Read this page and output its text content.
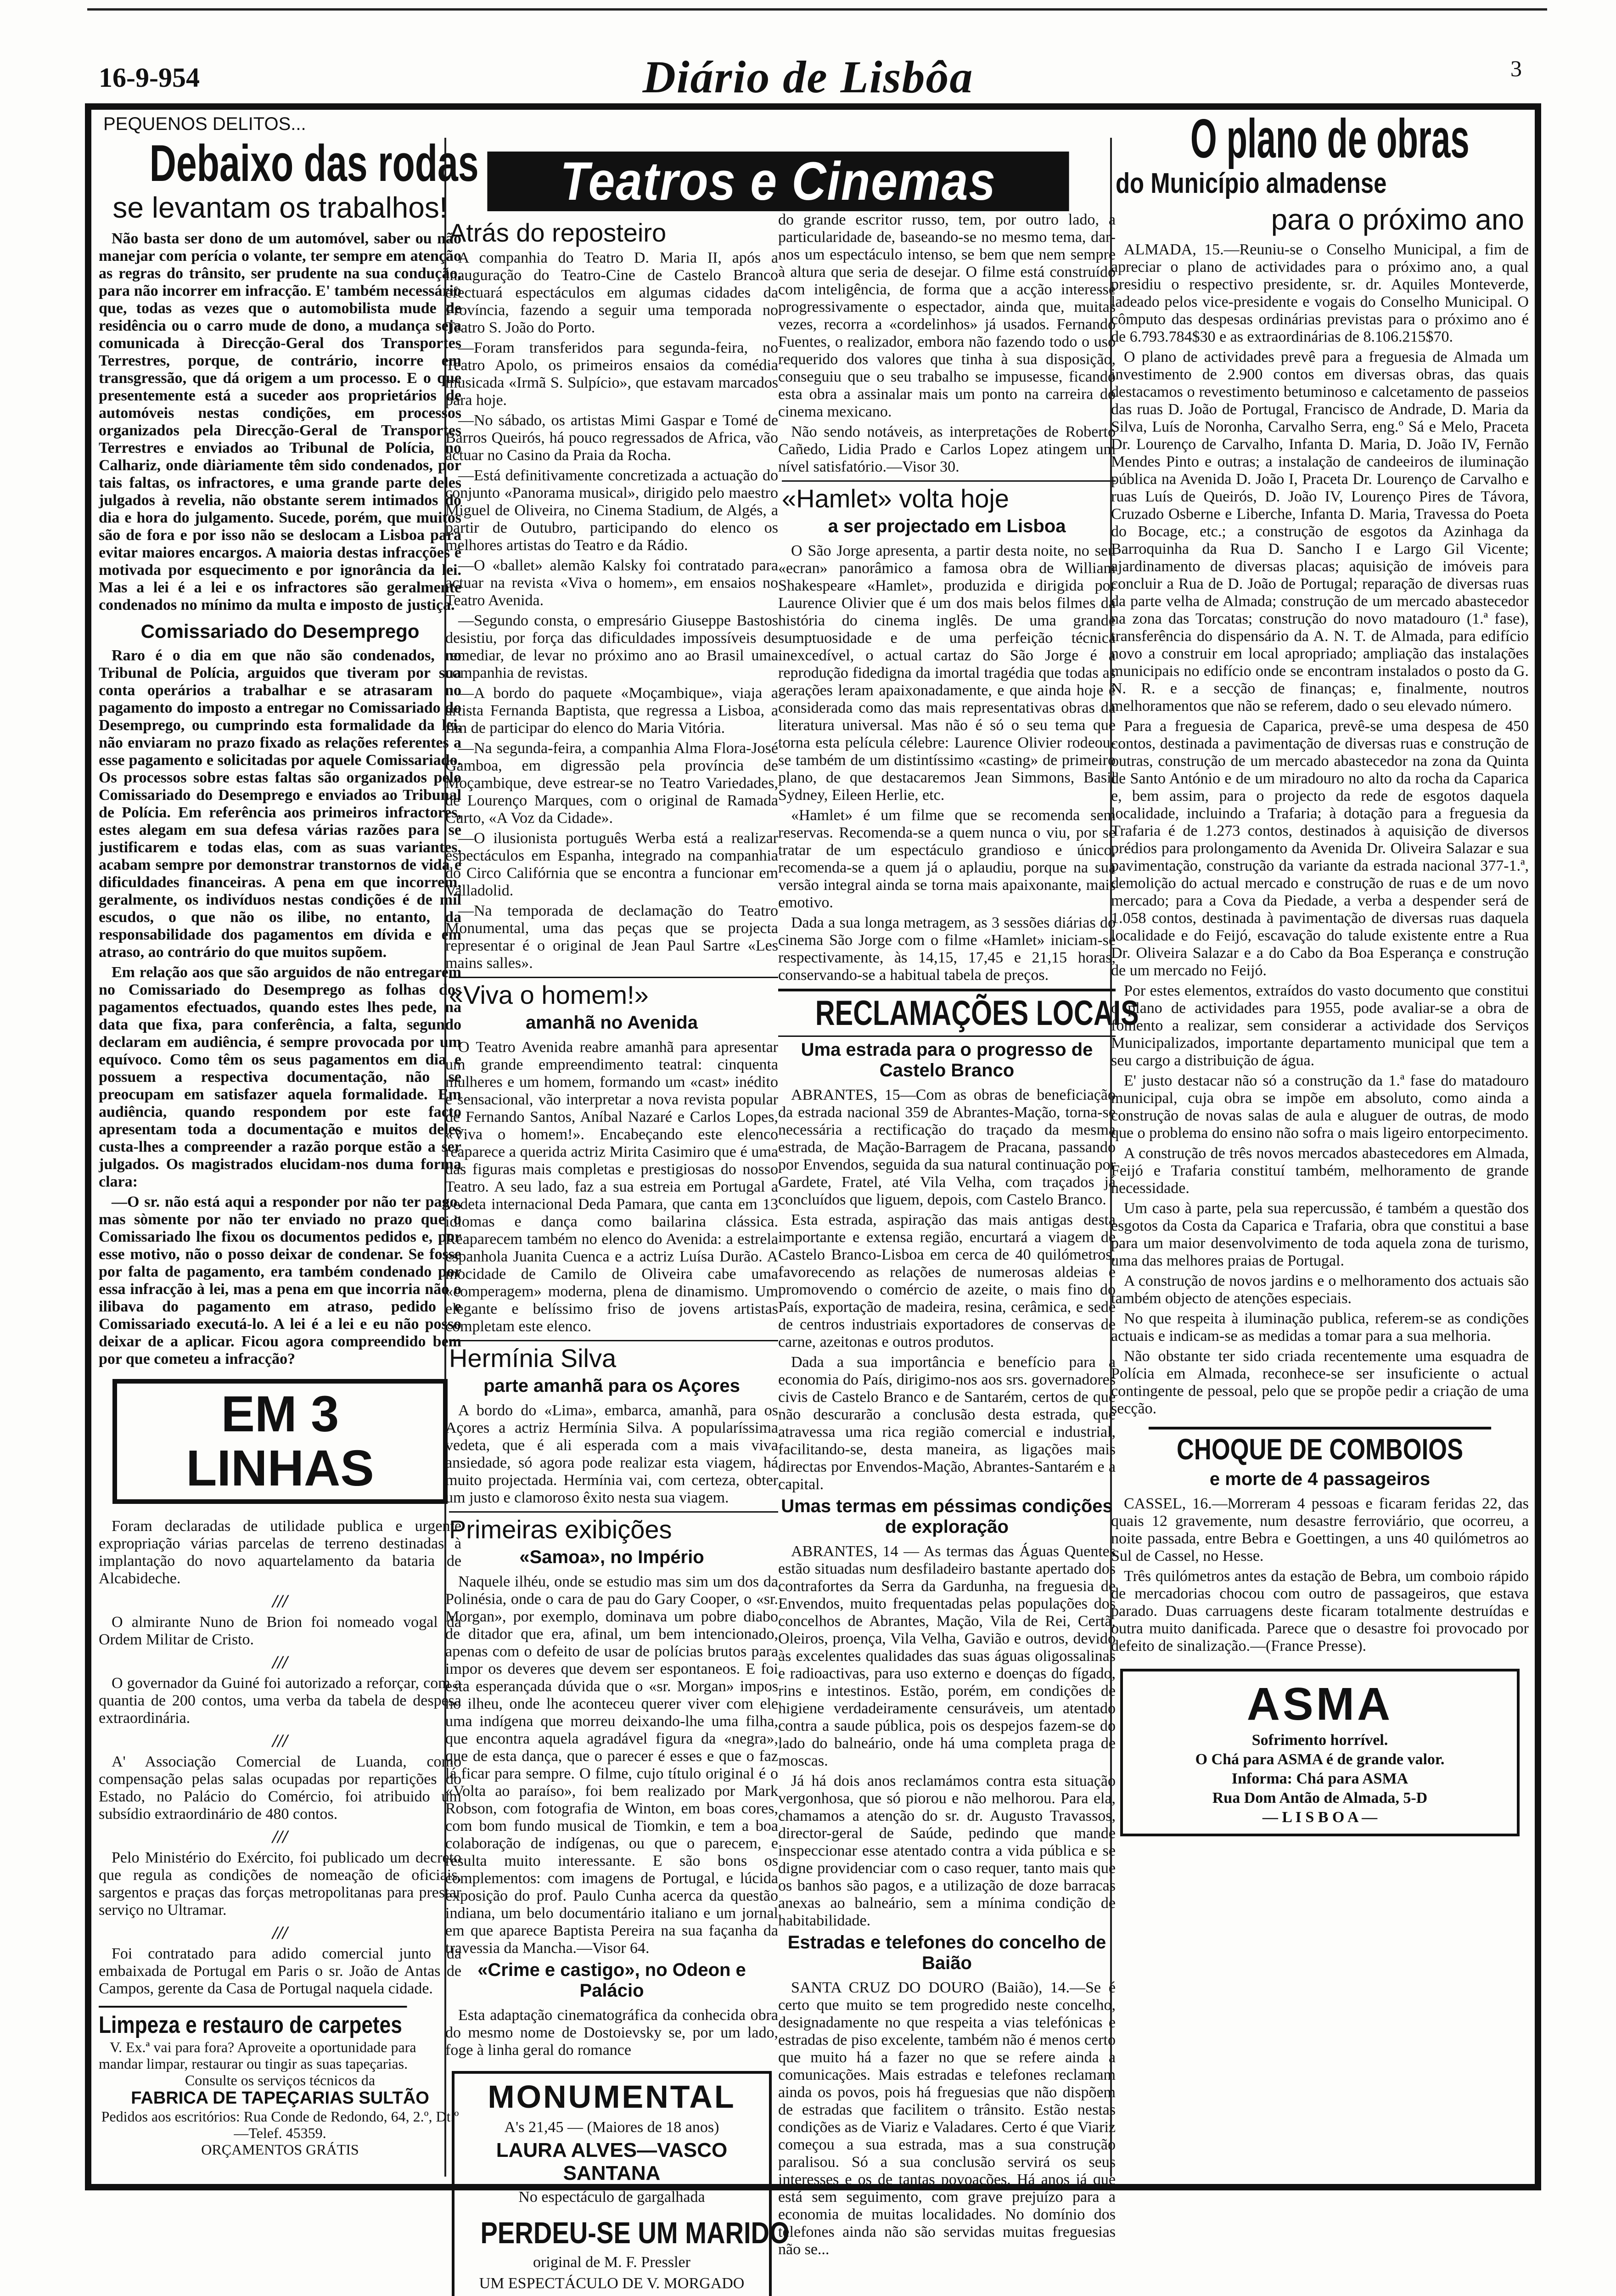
16-9-954	Diário de Lisbôa	3
PEQUENOS DELITOS...
Debaixo das rodas
se levantam os trabalhos!

Não basta ser dono de um automóvel, saber ou não manejar com perícia o volante, ter sempre em atenção as regras do trânsito, ser prudente na sua condução, para não incorrer em infracção. E' também necessário que, todas as vezes que o automobilista mude de residência ou o carro mude de dono, a mudança seja comunicada à Direcção-Geral dos Transportes Terrestres, porque, de contrário, incorre em transgressão, que dá origem a um processo. E o que presentemente está a suceder aos proprietários de automóveis nestas condições, em processos organizados pela Direcção-Geral de Transportes Terrestres e enviados ao Tribunal de Polícia, no Calhariz, onde diàriamente têm sido condenados, por tais faltas, os infractores, e uma grande parte deles julgados à revelia, não obstante serem intimados do dia e hora do julgamento. Sucede, porém, que muitos são de fora e por isso não se deslocam a Lisboa para evitar maiores encargos. A maioria destas infracções é motivada por esquecimento e por ignorância da lei. Mas a lei é a lei e os infractores são geralmente condenados no mínimo da multa e imposto de justiça.

Comissariado do Desemprego

Raro é o dia em que não são condenados, no Tribunal de Polícia, arguidos que tiveram por sua conta operários a trabalhar e se atrasaram no pagamento do imposto a entregar no Comissariado do Desemprego, ou cumprindo esta formalidade da lei, não enviaram no prazo fixado as relações referentes a esse pagamento e solicitadas por aquele Comissariado. Os processos sobre estas faltas são organizados pelo Comissariado do Desemprego e enviados ao Tribunal de Polícia. Em referência aos primeiros infractores, estes alegam em sua defesa várias razões para se justificarem e todas elas, com as suas variantes, acabam sempre por demonstrar transtornos de vida e dificuldades financeiras. A pena em que incorrem, geralmente, os indivíduos nestas condições é de mil escudos, o que não os ilibe, no entanto, da responsabilidade dos pagamentos em dívida e em atraso, ao contrário do que muitos supõem.

Em relação aos que são arguidos de não entregarem no Comissariado do Desemprego as folhas dos pagamentos efectuados, quando estes lhes pede, na data que fixa, para conferência, a falta, segundo declaram em audiência, é sempre provocada por um equívoco. Como têm os seus pagamentos em dia e possuem a respectiva documentação, não se preocupam em satisfazer aquela formalidade. Em audiência, quando respondem por este facto apresentam toda a documentação e muitos deles custa-lhes a compreender a razão porque estão a ser julgados. Os magistrados elucidam-nos duma forma clara:

—O sr. não está aqui a responder por não ter pago, mas sòmente por não ter enviado no prazo que o Comissariado lhe fixou os documentos pedidos e, por esse motivo, não o posso deixar de condenar. Se fosse por falta de pagamento, era também condenado por essa infracção à lei, mas a pena em que incorria não o ilibava do pagamento em atraso, pedido e Comissariado executá-lo. A lei é a lei e eu não posso deixar de a aplicar. Ficou agora compreendido bem por que cometeu a infracção?

EM 3 LINHAS

Foram declaradas de utilidade publica e urgente expropriação várias parcelas de terreno destinadas à implantação do novo aquartelamento da bataria de Alcabideche.

///

O almirante Nuno de Brion foi nomeado vogal da Ordem Militar de Cristo.

///

O governador da Guiné foi autorizado a reforçar, com a quantia de 200 contos, uma verba da tabela de despesa extraordinária.

///

A' Associação Comercial de Luanda, como compensação pelas salas ocupadas por repartições do Estado, no Palácio do Comércio, foi atribuido um subsídio extraordinário de 480 contos.

///

Pelo Ministério do Exército, foi publicado um decreto que regula as condições de nomeação de oficiais, sargentos e praças das forças metropolitanas para prestar serviço no Ultramar.

///

Foi contratado para adido comercial junto da embaixada de Portugal em Paris o sr. João de Antas de Campos, gerente da Casa de Portugal naquela cidade.

Limpeza e restauro de carpetes
V. Ex.ª vai para fora? Aproveite a oportunidade para mandar limpar, restaurar ou tingir as suas tapeçarias.
Consulte os serviços técnicos da
FABRICA DE TAPEÇARIAS SULTÃO
Pedidos aos escritórios: Rua Conde de Redondo, 64, 2.º, Dt.º—Telef. 45359.
ORÇAMENTOS GRÁTIS
Teatros e Cinemas
Atrás do reposteiro

A companhia do Teatro D. Maria II, após a inauguração do Teatro-Cine de Castelo Branco efectuará espectáculos em algumas cidades da Província, fazendo a seguir uma temporada no Teatro S. João do Porto.

—Foram transferidos para segunda-feira, no Teatro Apolo, os primeiros ensaios da comédia musicada «Irmã S. Sulpício», que estavam marcados para hoje.

—No sábado, os artistas Mimi Gaspar e Tomé de Barros Queirós, há pouco regressados de Africa, vão actuar no Casino da Praia da Rocha.

—Está definitivamente concretizada a actuação do conjunto «Panorama musical», dirigido pelo maestro Miguel de Oliveira, no Cinema Stadium, de Algés, a partir de Outubro, participando do elenco os melhores artistas do Teatro e da Rádio.

—O «ballet» alemão Kalsky foi contratado para actuar na revista «Viva o homem», em ensaios no Teatro Avenida.

—Segundo consta, o empresário Giuseppe Bastos desistiu, por força das dificuldades impossíveis de remediar, de levar no próximo ano ao Brasil uma companhia de revistas.

—A bordo do paquete «Moçambique», viaja a artista Fernanda Baptista, que regressa a Lisboa, a fim de participar do elenco do Maria Vitória.

—Na segunda-feira, a companhia Alma Flora-José Gamboa, em digressão pela província de Moçambique, deve estrear-se no Teatro Variedades, de Lourenço Marques, com o original de Ramada Curto, «A Voz da Cidade».

—O ilusionista português Werba está a realizar espectáculos em Espanha, integrado na companhia do Circo Califórnia que se encontra a funcionar em Valladolid.

—Na temporada de declamação do Teatro Monumental, uma das peças que se projecta representar é o original de Jean Paul Sartre «Les mains salles».

«Viva o homem!»
amanhã no Avenida

O Teatro Avenida reabre amanhã para apresentar um grande empreendimento teatral: cinquenta mulheres e um homem, formando um «cast» inédito e sensacional, vão interpretar a nova revista popular de Fernando Santos, Aníbal Nazaré e Carlos Lopes, «Viva o homem!». Encabeçando este elenco reaparece a querida actriz Mirita Casimiro que é uma das figuras mais completas e prestigiosas do nosso Teatro. A seu lado, faz a sua estreia em Portugal a vedeta internacional Deda Pamara, que canta em 13 idiomas e dança como bailarina clássica. Reaparecem também no elenco do Avenida: a estrela espanhola Juanita Cuenca e a actriz Luísa Durão. A mocidade de Camilo de Oliveira cabe uma «comperagem» moderna, plena de dinamismo. Um elegante e belíssimo friso de jovens artistas completam este elenco.

Hermínia Silva
parte amanhã para os Açores

A bordo do «Lima», embarca, amanhã, para os Açores a actriz Hermínia Silva. A popularíssima vedeta, que é ali esperada com a mais viva ansiedade, só agora pode realizar esta viagem, há muito projectada. Hermínia vai, com certeza, obter um justo e clamoroso êxito nesta sua viagem.

Primeiras exibições
«Samoa», no Império

Naquele ilhéu, onde se estudio mas sim um dos da Polinésia, onde o cara de pau do Gary Cooper, o «sr. Morgan», por exemplo, dominava um pobre diabo de ditador que era, afinal, um bem intencionado, apenas com o defeito de usar de polícias brutos para impor os deveres que devem ser espontaneos. E foi esta esperançada dúvida que o «sr. Morgan» impos no ilheu, onde lhe aconteceu querer viver com ele uma indígena que morreu deixando-lhe uma filha, que encontra aquela agradável figura da «negra», que de esta dança, que o parecer é esses e que o faz lá ficar para sempre. O filme, cujo título original é o «Volta ao paraíso», foi bem realizado por Mark Robson, com fotografia de Winton, em boas cores, com bom fundo musical de Tiomkin, e tem a boa colaboração de indígenas, ou que o parecem, e resulta muito interessante. E são bons os complementos: com imagens de Portugal, e lúcida exposição do prof. Paulo Cunha acerca da questão indiana, um belo documentário italiano e um jornal em que aparece Baptista Pereira na sua façanha da travessia da Mancha.—Visor 64.

«Crime e castigo», no Odeon e Palácio

Esta adaptação cinematográfica da conhecida obra do mesmo nome de Dostoievsky se, por um lado, foge à linha geral do romance

MONUMENTAL
A's 21,45 — (Maiores de 18 anos)
LAURA ALVES—VASCO SANTANA
No espectáculo de gargalhada
PERDEU-SE UM MARIDO
original de M. F. Pressler
UM ESPECTÁCULO DE V. MORGADO

do grande escritor russo, tem, por outro lado, a particularidade de, baseando-se no mesmo tema, dar-nos um espectáculo intenso, se bem que nem sempre à altura que seria de desejar. O filme está construído com inteligência, de forma que a acção interesse progressivamente o espectador, ainda que, muitas vezes, recorra a «cordelinhos» já usados. Fernando Fuentes, o realizador, embora não fazendo todo o uso requerido dos valores que tinha à sua disposição, conseguiu que o seu trabalho se impusesse, ficando esta obra a assinalar mais um ponto na carreira do cinema mexicano.

Não sendo notáveis, as interpretações de Roberto Cañedo, Lidia Prado e Carlos Lopez atingem um nível satisfatório.—Visor 30.

«Hamlet» volta hoje
a ser projectado em Lisboa

O São Jorge apresenta, a partir desta noite, no seu «ecran» panorâmico a famosa obra de William Shakespeare «Hamlet», produzida e dirigida por Laurence Olivier que é um dos mais belos filmes da história do cinema inglês. De uma grande sumptuosidade e de uma perfeição técnica inexcedível, o actual cartaz do São Jorge é a reprodução fidedigna da imortal tragédia que todas as gerações leram apaixonadamente, e que ainda hoje é considerada como das mais representativas obras da literatura universal. Mas não é só o seu tema que torna esta película célebre: Laurence Olivier rodeou-se também de um distintíssimo «casting» de primeiro plano, de que destacaremos Jean Simmons, Basil Sydney, Eileen Herlie, etc.

«Hamlet» é um filme que se recomenda sem reservas. Recomenda-se a quem nunca o viu, por se tratar de um espectáculo grandioso e único, recomenda-se a quem já o aplaudiu, porque na sua versão integral ainda se torna mais apaixonante, mais emotivo.

Dada a sua longa metragem, as 3 sessões diárias do cinema São Jorge com o filme «Hamlet» iniciam-se respectivamente, às 14,15, 17,45 e 21,15 horas, conservando-se a habitual tabela de preços.

RECLAMAÇÕES LOCAIS
Uma estrada para o progresso de Castelo Branco

ABRANTES, 15—Com as obras de beneficiação da estrada nacional 359 de Abrantes-Mação, torna-se necessária a rectificação do traçado da mesma estrada, de Mação-Barragem de Pracana, passando por Envendos, seguida da sua natural continuação por Gardete, Fratel, até Vila Velha, com traçados já concluídos que liguem, depois, com Castelo Branco.

Esta estrada, aspiração das mais antigas desta importante e extensa região, encurtará a viagem de Castelo Branco-Lisboa em cerca de 40 quilómetros, favorecendo as relações de numerosas aldeias e promovendo o comércio de azeite, o mais fino do País, exportação de madeira, resina, cerâmica, e sede de centros industriais exportadores de conservas de carne, azeitonas e outros produtos.

Dada a sua importância e benefício para a economia do País, dirigimo-nos aos srs. governadores civis de Castelo Branco e de Santarém, certos de que não descurarão a conclusão desta estrada, que atravessa uma rica região comercial e industrial, facilitando-se, desta maneira, as ligações mais directas por Envendos-Mação, Abrantes-Santarém e a capital.

Umas termas em péssimas condições de exploração

ABRANTES, 14 — As termas das Águas Quentes estão situadas num desfiladeiro bastante apertado dos contrafortes da Serra da Gardunha, na freguesia de Envendos, muito frequentadas pelas populações dos concelhos de Abrantes, Mação, Vila de Rei, Certã, Oleiros, proença, Vila Velha, Gavião e outros, devido às excelentes qualidades das suas águas oligossalinas e radioactivas, para uso externo e doenças do fígado, rins e intestinos. Estão, porém, em condições de higiene verdadeiramente censuráveis, um atentado contra a saude pública, pois os despejos fazem-se do lado do balneário, onde há uma completa praga de moscas.

Já há dois anos reclamámos contra esta situação vergonhosa, que só piorou e não melhorou. Para ela, chamamos a atenção do sr. dr. Augusto Travassos, director-geral de Saúde, pedindo que mande inspeccionar esse atentado contra a vida pública e se digne providenciar com o caso requer, tanto mais que os banhos são pagos, e a utilização de doze barracas anexas ao balneário, sem a mínima condição de habitabilidade.

Estradas e telefones do concelho de Baião

SANTA CRUZ DO DOURO (Baião), 14.—Se é certo que muito se tem progredido neste concelho, designadamente no que respeita a vias telefónicas e estradas de piso excelente, também não é menos certo que muito há a fazer no que se refere ainda a comunicações. Mais estradas e telefones reclamam ainda os povos, pois há freguesias que não dispõem de estradas que facilitem o trânsito. Estão nestas condições as de Viariz e Valadares. Certo é que Viariz começou a sua estrada, mas a sua construção paralisou. Só a sua conclusão servirá os seus interesses e os de tantas povoações. Há anos já que está sem seguimento, com grave prejuízo para a economia de muitas localidades. No domínio dos telefones ainda não são servidas muitas freguesias não se...

O plano de obras
do Município almadense
para o próximo ano

ALMADA, 15.—Reuniu-se o Conselho Municipal, a fim de apreciar o plano de actividades para o próximo ano, a qual presidiu o respectivo presidente, sr. dr. Aquiles Monteverde, ladeado pelos vice-presidente e vogais do Conselho Municipal. O cômputo das despesas ordinárias previstas para o próximo ano é de 6.793.784$30 e as extraordinárias de 8.106.215$70.

O plano de actividades prevê para a freguesia de Almada um investimento de 2.900 contos em diversas obras, das quais destacamos o revestimento betuminoso e calcetamento de passeios das ruas D. João de Portugal, Francisco de Andrade, D. Maria da Silva, Luís de Noronha, Carvalho Serra, eng.º Sá e Melo, Praceta Dr. Lourenço de Carvalho, Infanta D. Maria, D. João IV, Fernão Mendes Pinto e outras; a instalação de candeeiros de iluminação pública na Avenida D. João I, Praceta Dr. Lourenço de Carvalho e ruas Luís de Queirós, D. João IV, Lourenço Pires de Távora, Cruzado Osberne e Liberche, Infanta D. Maria, Travessa do Poeta do Bocage, etc.; a construção de esgotos da Azinhaga da Barroquinha da Rua D. Sancho I e Largo Gil Vicente; ajardinamento de diversas placas; aquisição de imóveis para concluir a Rua de D. João de Portugal; reparação de diversas ruas da parte velha de Almada; construção de um mercado abastecedor na zona das Torcatas; construção do novo matadouro (1.ª fase), transferência do dispensário da A. N. T. de Almada, para edifício novo a construir em local apropriado; ampliação das instalações municipais no edifício onde se encontram instalados o posto da G. N. R. e a secção de finanças; e, finalmente, noutros melhoramentos que não se referem, dado o seu elevado número.

Para a freguesia de Caparica, prevê-se uma despesa de 450 contos, destinada a pavimentação de diversas ruas e construção de outras, construção de um mercado abastecedor na zona da Quinta de Santo António e de um miradouro no alto da rocha da Caparica e, bem assim, para o projecto da rede de esgotos daquela localidade, incluindo a Trafaria; à dotação para a freguesia da Trafaria é de 1.273 contos, destinados à aquisição de diversos prédios para prolongamento da Avenida Dr. Oliveira Salazar e sua pavimentação, construção da variante da estrada nacional 377-1.ª, demolição do actual mercado e construção de ruas e de um novo mercado; para a Cova da Piedade, a verba a despender será de 1.058 contos, destinada à pavimentação de diversas ruas daquela localidade e do Feijó, escavação do talude existente entre a Rua Dr. Oliveira Salazar e a do Cabo da Boa Esperança e construção de um mercado no Feijó.

Por estes elementos, extraídos do vasto documento que constitui o plano de actividades para 1955, pode avaliar-se a obra de fomento a realizar, sem considerar a actividade dos Serviços Municipalizados, importante departamento municipal que tem a seu cargo a distribuição de água.

E' justo destacar não só a construção da 1.ª fase do matadouro municipal, cuja obra se impõe em absoluto, como ainda a construção de novas salas de aula e aluguer de outras, de modo que o problema do ensino não sofra o mais ligeiro entorpecimento.

A construção de três novos mercados abastecedores em Almada, Feijó e Trafaria constituí também, melhoramento de grande necessidade.

Um caso à parte, pela sua repercussão, é também a questão dos esgotos da Costa da Caparica e Trafaria, obra que constitui a base para um maior desenvolvimento de toda aquela zona de turismo, uma das melhores praias de Portugal.

A construção de novos jardins e o melhoramento dos actuais são também objecto de atenções especiais.

No que respeita à iluminação publica, referem-se as condições actuais e indicam-se as medidas a tomar para a sua melhoria.

Não obstante ter sido criada recentemente uma esquadra de Polícia em Almada, reconhece-se ser insuficiente o actual contingente de pessoal, pelo que se propõe pedir a criação de uma secção.

CHOQUE DE COMBOIOS
e morte de 4 passageiros

CASSEL, 16.—Morreram 4 pessoas e ficaram feridas 22, das quais 12 gravemente, num desastre ferroviário, que ocorreu, a noite passada, entre Bebra e Goettingen, a uns 40 quilómetros ao Sul de Cassel, no Hesse.

Três quilómetros antes da estação de Bebra, um comboio rápido de mercadorias chocou com outro de passageiros, que estava parado. Duas carruagens deste ficaram totalmente destruídas e outra muito danificada. Parece que o desastre foi provocado por defeito de sinalização.—(France Presse).

ASMA
Sofrimento horrível.
O Chá para ASMA é de grande valor.
Informa: Chá para ASMA
Rua Dom Antão de Almada, 5-D
— L I S B O A —
